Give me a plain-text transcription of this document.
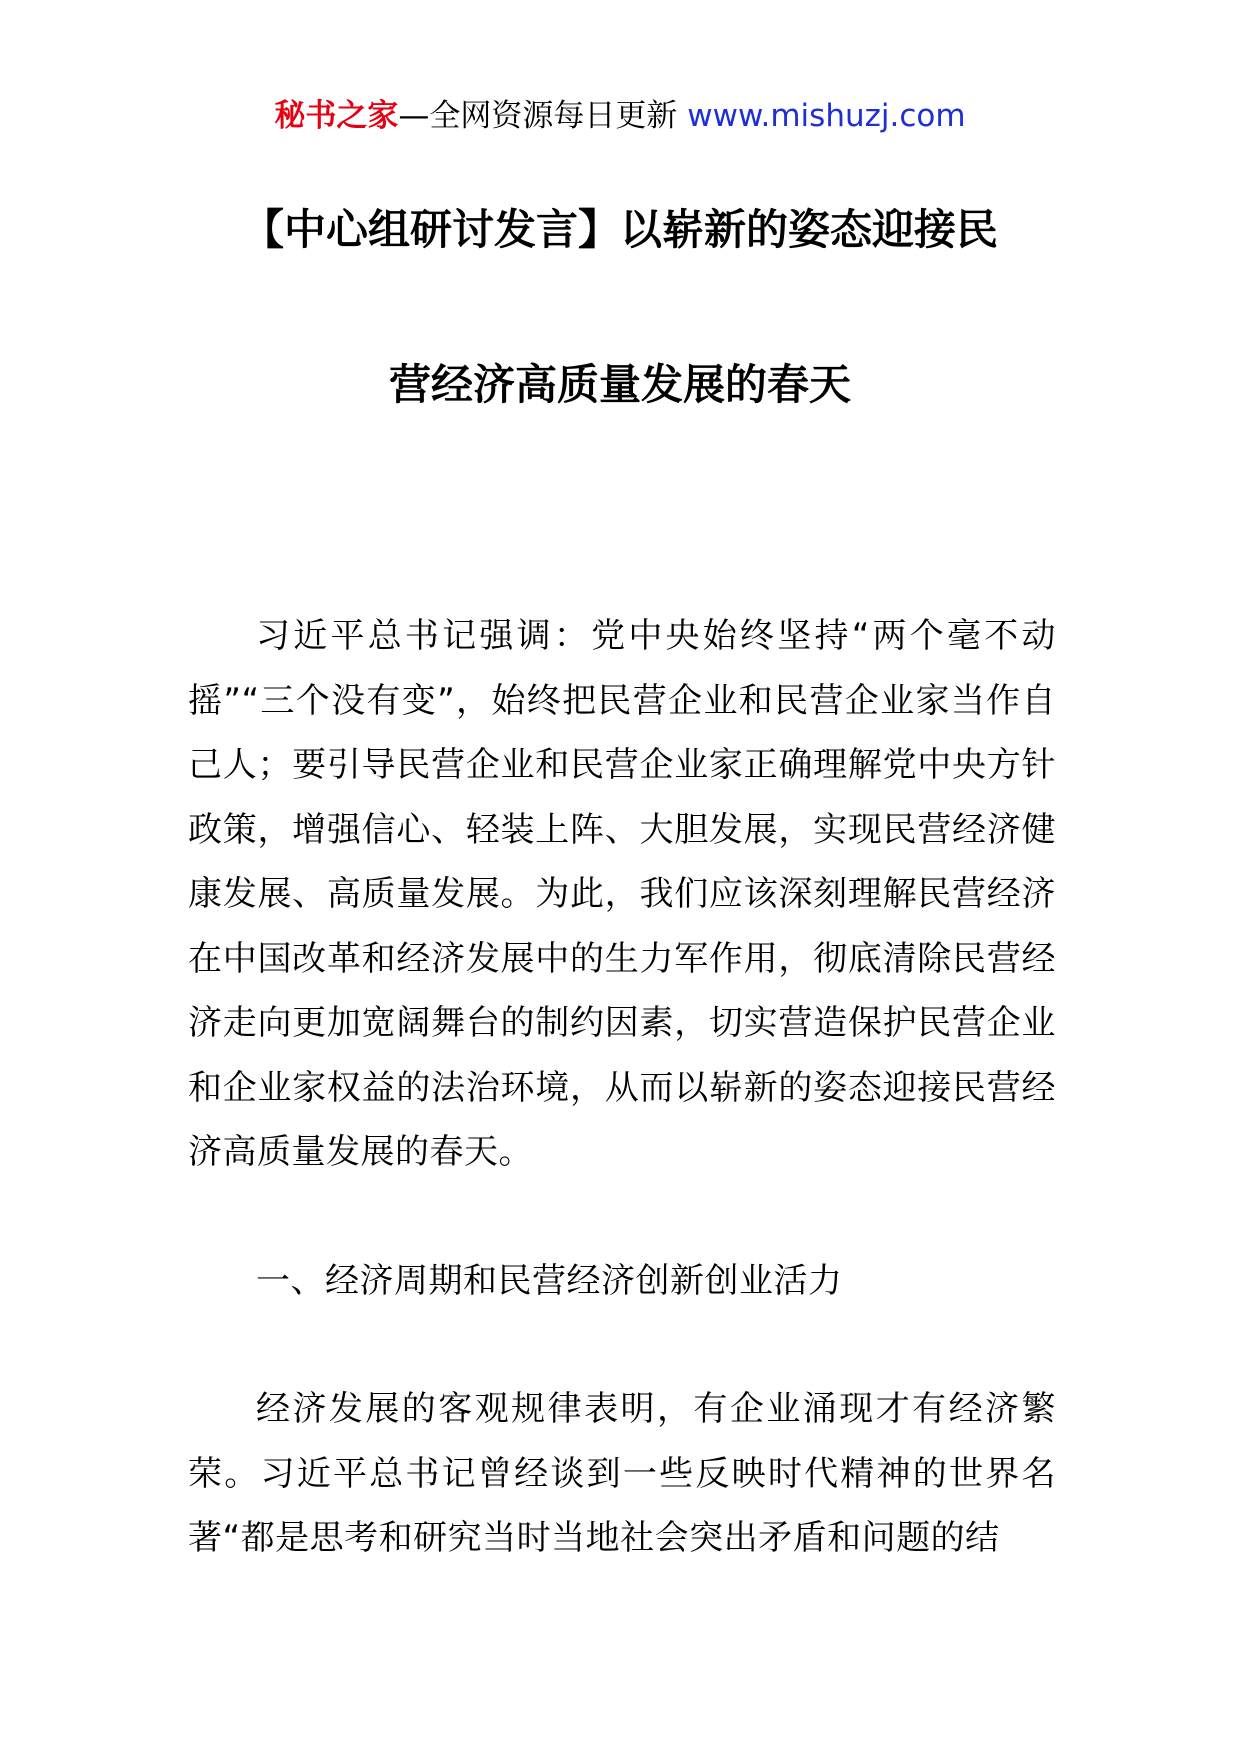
秘书之家—全网资源每日更新 www.mishuzj.com
【中心组研讨发言】以崭新的姿态迎接民
营经济高质量发展的春天

习近平总书记强调：党中央始终坚持“两个毫不动摇”“三个没有变”，始终把民营企业和民营企业家当作自己人；要引导民营企业和民营企业家正确理解党中央方针政策，增强信心、轻装上阵、大胆发展，实现民营经济健康发展、高质量发展。为此，我们应该深刻理解民营经济在中国改革和经济发展中的生力军作用，彻底清除民营经济走向更加宽阔舞台的制约因素，切实营造保护民营企业和企业家权益的法治环境，从而以崭新的姿态迎接民营经济高质量发展的春天。

一、经济周期和民营经济创新创业活力

经济发展的客观规律表明，有企业涌现才有经济繁荣。习近平总书记曾经谈到一些反映时代精神的世界名著“都是思考和研究当时当地社会突出矛盾和问题的结
